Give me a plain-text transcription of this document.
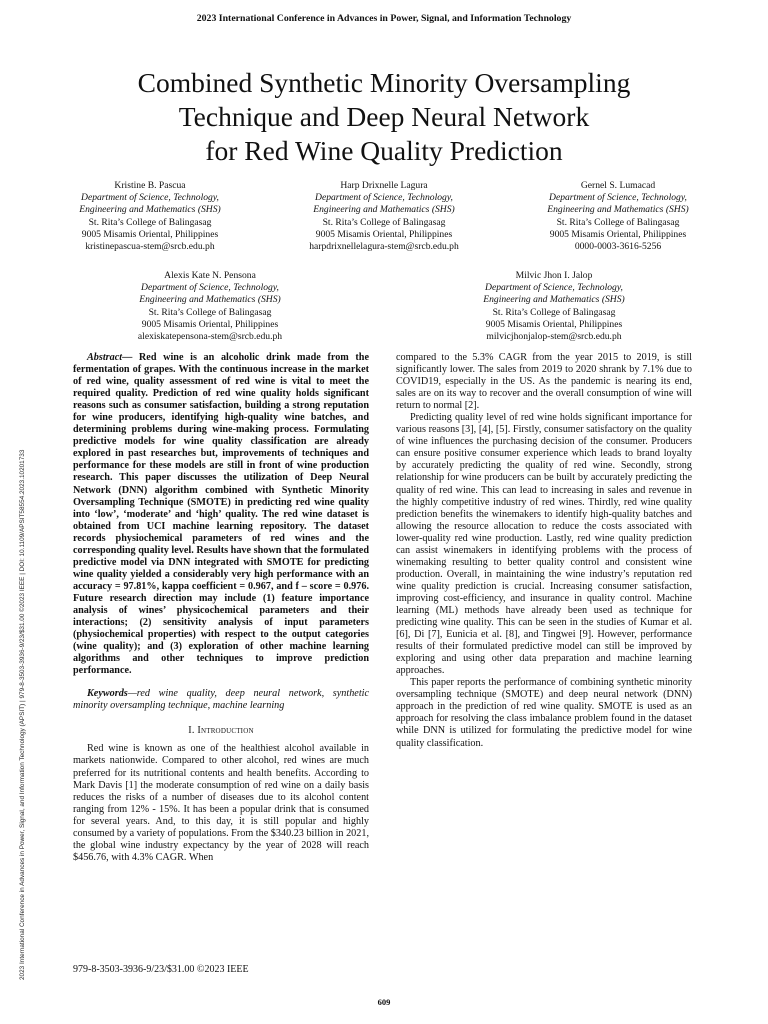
2023 International Conference in Advances in Power, Signal, and Information Technology
Combined Synthetic Minority Oversampling
Technique and Deep Neural Network
for Red Wine Quality Prediction
Kristine B. Pascua
Department of Science, Technology,
Engineering and Mathematics (SHS)
St. Rita’s College of Balingasag
9005 Misamis Oriental, Philippines
kristinepascua-stem@srcb.edu.ph
Harp Drixnelle Lagura
Department of Science, Technology,
Engineering and Mathematics (SHS)
St. Rita’s College of Balingasag
9005 Misamis Oriental, Philippines
harpdrixnellelagura-stem@srcb.edu.ph
Gernel S. Lumacad
Department of Science, Technology,
Engineering and Mathematics (SHS)
St. Rita’s College of Balingasag
9005 Misamis Oriental, Philippines
0000-0003-3616-5256
Alexis Kate N. Pensona
Department of Science, Technology,
Engineering and Mathematics (SHS)
St. Rita’s College of Balingasag
9005 Misamis Oriental, Philippines
alexiskatepensona-stem@srcb.edu.ph
Milvic Jhon I. Jalop
Department of Science, Technology,
Engineering and Mathematics (SHS)
St. Rita’s College of Balingasag
9005 Misamis Oriental, Philippines
milvicjhonjalop-stem@srcb.edu.ph
2023 International Conference in Advances in Power, Signal, and Information Technology (APSIT) | 979-8-3503-3936-9/23/$31.00 ©2023 IEEE | DOI: 10.1109/APSIT58554.2023.10201733

Abstract— Red wine is an alcoholic drink made from the fermentation of grapes. With the continuous increase in the market of red wine, quality assessment of red wine is vital to meet the required quality. Prediction of red wine quality holds significant reasons such as consumer satisfaction, building a strong reputation for wine producers, identifying high-quality wine batches, and determining problems during wine-making process. Formulating predictive models for wine quality classification are already explored in past researches but, improvements of techniques and performance for these models are still in front of wine production research. This paper discusses the utilization of Deep Neural Network (DNN) algorithm combined with Synthetic Minority Oversampling Technique (SMOTE) in predicting red wine quality into ‘low’, ‘moderate’ and ‘high’ quality. The red wine dataset is obtained from UCI machine learning repository. The dataset records physiochemical parameters of red wines and the corresponding quality level. Results have shown that the formulated predictive model via DNN integrated with SMOTE for predicting wine quality yielded a considerably very high performance with an accuracy = 97.81%, kappa coefficient = 0.967, and f – score = 0.976. Future research direction may include (1) feature importance analysis of wines’ physicochemical parameters and their interactions; (2) sensitivity analysis of input parameters (physiochemical properties) with respect to the output categories (wine quality); and (3) exploration of other machine learning algorithms and other techniques to improve prediction performance.

Keywords—red wine quality, deep neural network, synthetic minority oversampling technique, machine learning

I. Introduction

Red wine is known as one of the healthiest alcohol available in markets nationwide. Compared to other alcohol, red wines are much preferred for its nutritional contents and health benefits. According to Mark Davis [1] the moderate consumption of red wine on a daily basis reduces the risks of a number of diseases due to its alcohol content ranging from 12% - 15%. It has been a popular drink that is consumed for several years. And, to this day, it is still popular and highly consumed by a variety of populations. From the $340.23 billion in 2021, the global wine industry expectancy by the year of 2028 will reach $456.76, with 4.3% CAGR. When

compared to the 5.3% CAGR from the year 2015 to 2019, is still significantly lower. The sales from 2019 to 2020 shrank by 7.1% due to COVID19, especially in the US. As the pandemic is nearing its end, sales are on its way to recover and the overall consumption of wine will return to normal [2].

Predicting quality level of red wine holds significant importance for various reasons [3], [4], [5]. Firstly, consumer satisfactory on the quality of wine influences the purchasing decision of the consumer. Producers can ensure positive consumer experience which leads to brand loyalty by accurately predicting the quality of red wine. Secondly, strong relationship for wine producers can be built by accurately predicting the quality of red wine. This can lead to increasing in sales and revenue in the highly competitive industry of red wines. Thirdly, red wine quality prediction benefits the winemakers to identify high-quality batches and allowing the resource allocation to reduce the costs associated with lower-quality red wine production. Lastly, red wine quality prediction can assist winemakers in identifying problems with the process of winemaking resulting to better quality control and consistent wine production. Overall, in maintaining the wine industry’s reputation red wine quality prediction is crucial. Increasing consumer satisfaction, improving cost-efficiency, and insurance in quality control. Machine learning (ML) methods have already been used as technique for predicting wine quality. This can be seen in the studies of Kumar et al. [6], Di [7], Eunicia et al. [8], and Tingwei [9]. However, performance results of their formulated predictive model can still be improved by exploring and using other data preparation and machine learning approaches.

This paper reports the performance of combining synthetic minority oversampling technique (SMOTE) and deep neural network (DNN) approach in the prediction of red wine quality. SMOTE is used as an approach for resolving the class imbalance problem found in the dataset while DNN is utilized for formulating the predictive model for wine quality classification.

979-8-3503-3936-9/23/$31.00 ©2023 IEEE
609
